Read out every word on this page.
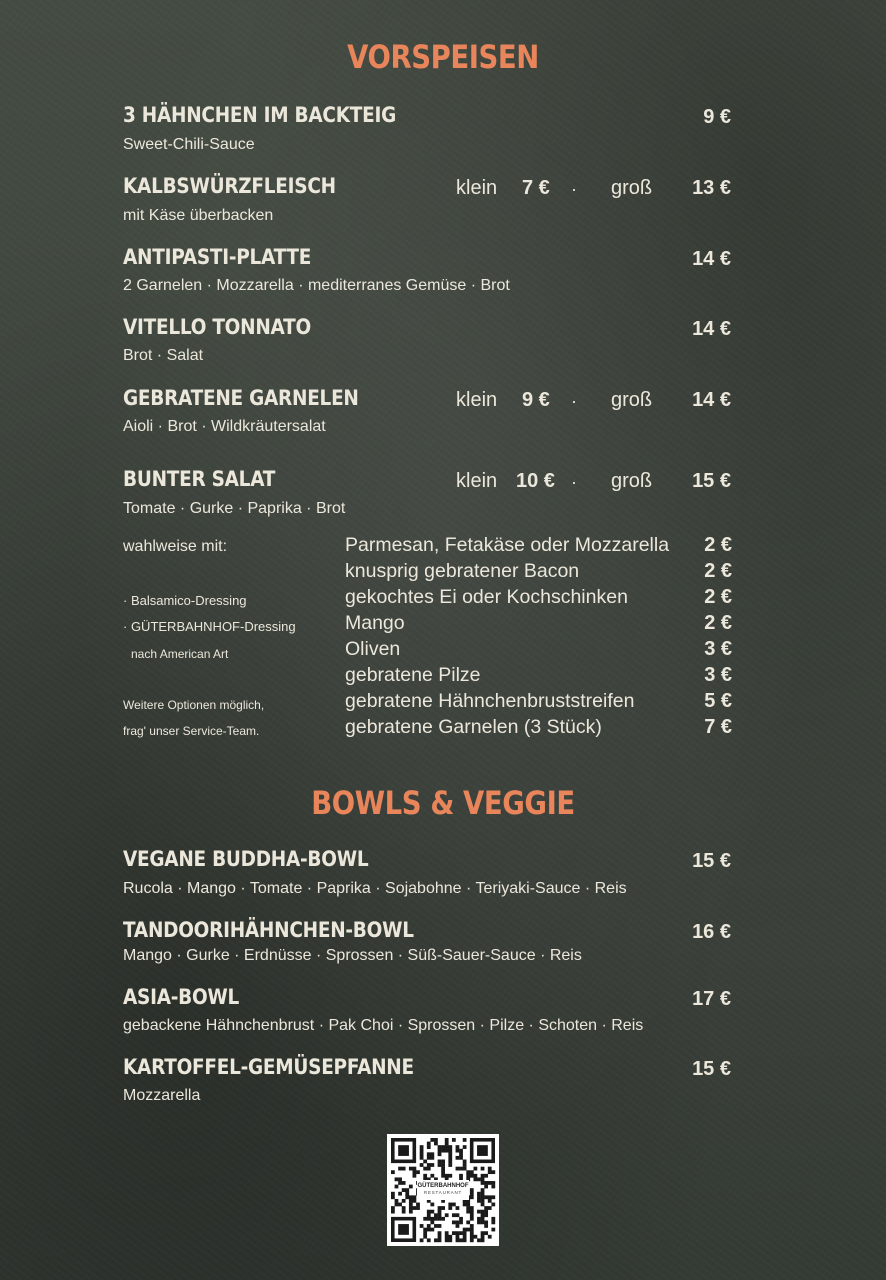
VORSPEISEN
3 HÄHNCHEN IM BACKTEIG
Sweet-Chili-Sauce
9 €
KALBSWÜRZFLEISCH
mit Käse überbacken
klein 7 € · groß	13 €
ANTIPASTI-PLATTE
2 Garnelen · Mozzarella · mediterranes Gemüse · Brot
14 €
VITELLO TONNATO
Brot · Salat
14 €
GEBRATENE GARNELEN
Aioli · Brot · Wildkräutersalat
klein 9 € · groß	14 €
BUNTER SALAT
Tomate · Gurke · Paprika · Brot
klein 10 € · groß	15 €
wahlweise mit:
· Balsamico-Dressing
· GÜTERBAHNHOF-Dressing
nach American Art
Weitere Optionen möglich,
frag' unser Service-Team.
Parmesan, Fetakäse oder Mozzarella	2 €
knusprig gebratener Bacon	2 €
gekochtes Ei oder Kochschinken	2 €
Mango	2 €
Oliven	3 €
gebratene Pilze	3 €
gebratene Hähnchenbruststreifen	5 €
gebratene Garnelen (3 Stück)	7 €
BOWLS & VEGGIE
VEGANE BUDDHA-BOWL
Rucola · Mango · Tomate · Paprika · Sojabohne · Teriyaki-Sauce · Reis
15 €
TANDOORIHÄHNCHEN-BOWL
Mango · Gurke · Erdnüsse · Sprossen · Süß-Sauer-Sauce · Reis
16 €
ASIA-BOWL
gebackene Hähnchenbrust · Pak Choi · Sprossen · Pilze · Schoten · Reis
17 €
KARTOFFEL-GEMÜSEPFANNE
Mozzarella
15 €
GÜTERBAHNHOF
RESTAURANT
